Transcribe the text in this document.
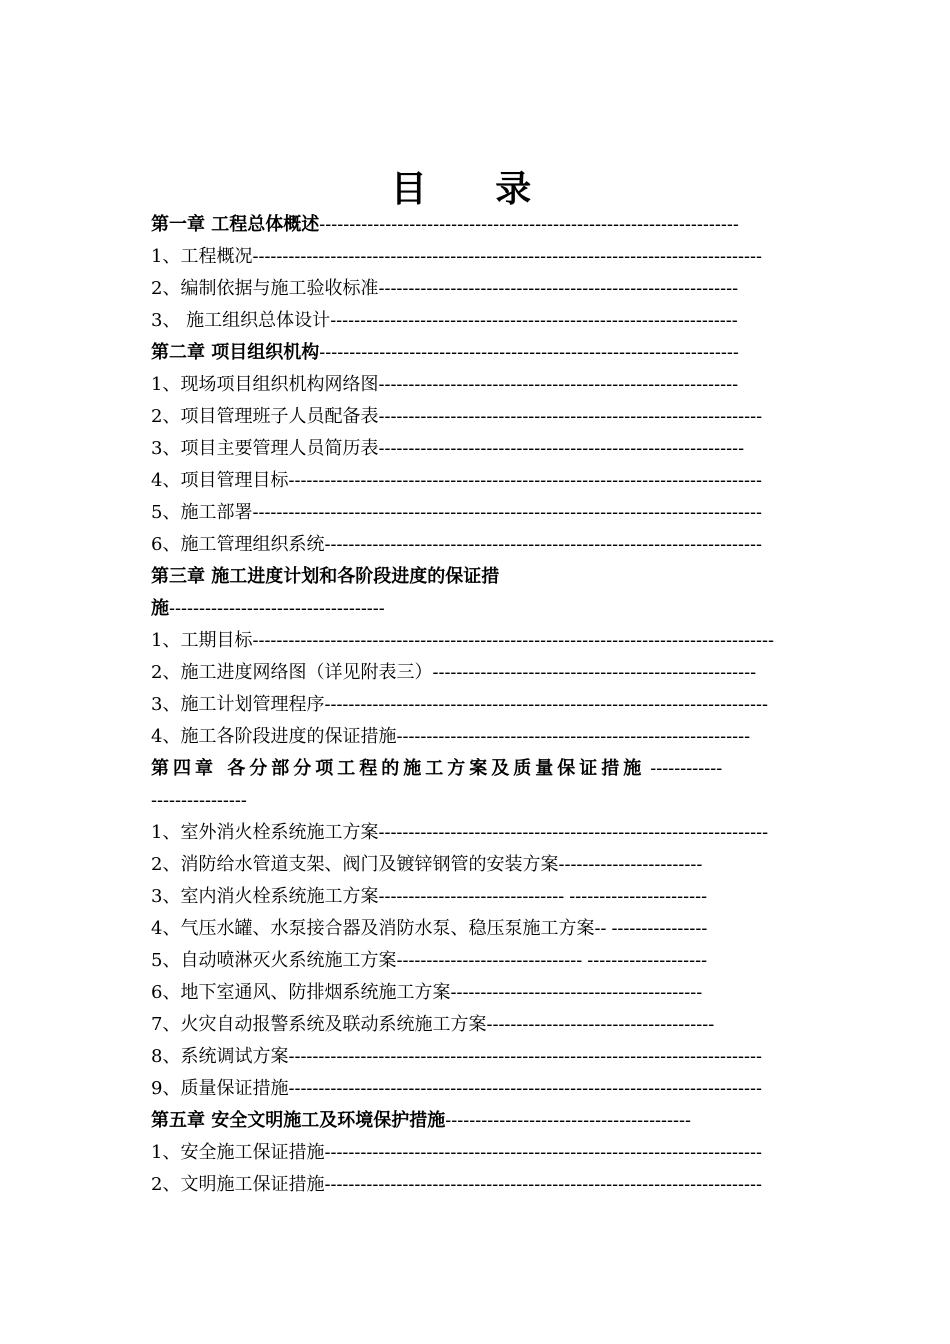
目 录
第一章 工程总体概述----------------------------------------------------------------------
1、工程概况-------------------------------------------------------------------------------------
2、编制依据与施工验收标准------------------------------------------------------------
3、 施工组织总体设计--------------------------------------------------------------------
第二章 项目组织机构----------------------------------------------------------------------
1、现场项目组织机构网络图------------------------------------------------------------
2、项目管理班子人员配备表----------------------------------------------------------------
3、项目主要管理人员简历表-------------------------------------------------------------
4、项目管理目标-------------------------------------------------------------------------------
5、施工部署-------------------------------------------------------------------------------------
6、施工管理组织系统-------------------------------------------------------------------------
第三章 施工进度计划和各阶段进度的保证措
施------------------------------------
1、工期目标---------------------------------------------------------------------------------------
2、施工进度网络图（详见附表三）------------------------------------------------------
3、施工计划管理程序--------------------------------------------------------------------------
4、施工各阶段进度的保证措施-----------------------------------------------------------
第四章 各分部分项工程的施工方案及质量保证措施 ------------
----------------
1、室外消火栓系统施工方案-----------------------------------------------------------------
2、消防给水管道支架、阀门及镀锌钢管的安装方案------------------------
3、室内消火栓系统施工方案------------------------------- -----------------------
4、气压水罐、水泵接合器及消防水泵、稳压泵施工方案-- ----------------
5、自动喷淋灭火系统施工方案------------------------------- --------------------
6、地下室通风、防排烟系统施工方案------------------------------------------
7、火灾自动报警系统及联动系统施工方案--------------------------------------
8、系统调试方案-------------------------------------------------------------------------------
9、质量保证措施-------------------------------------------------------------------------------
第五章 安全文明施工及环境保护措施-----------------------------------------
1、安全施工保证措施-------------------------------------------------------------------------
2、文明施工保证措施-------------------------------------------------------------------------
